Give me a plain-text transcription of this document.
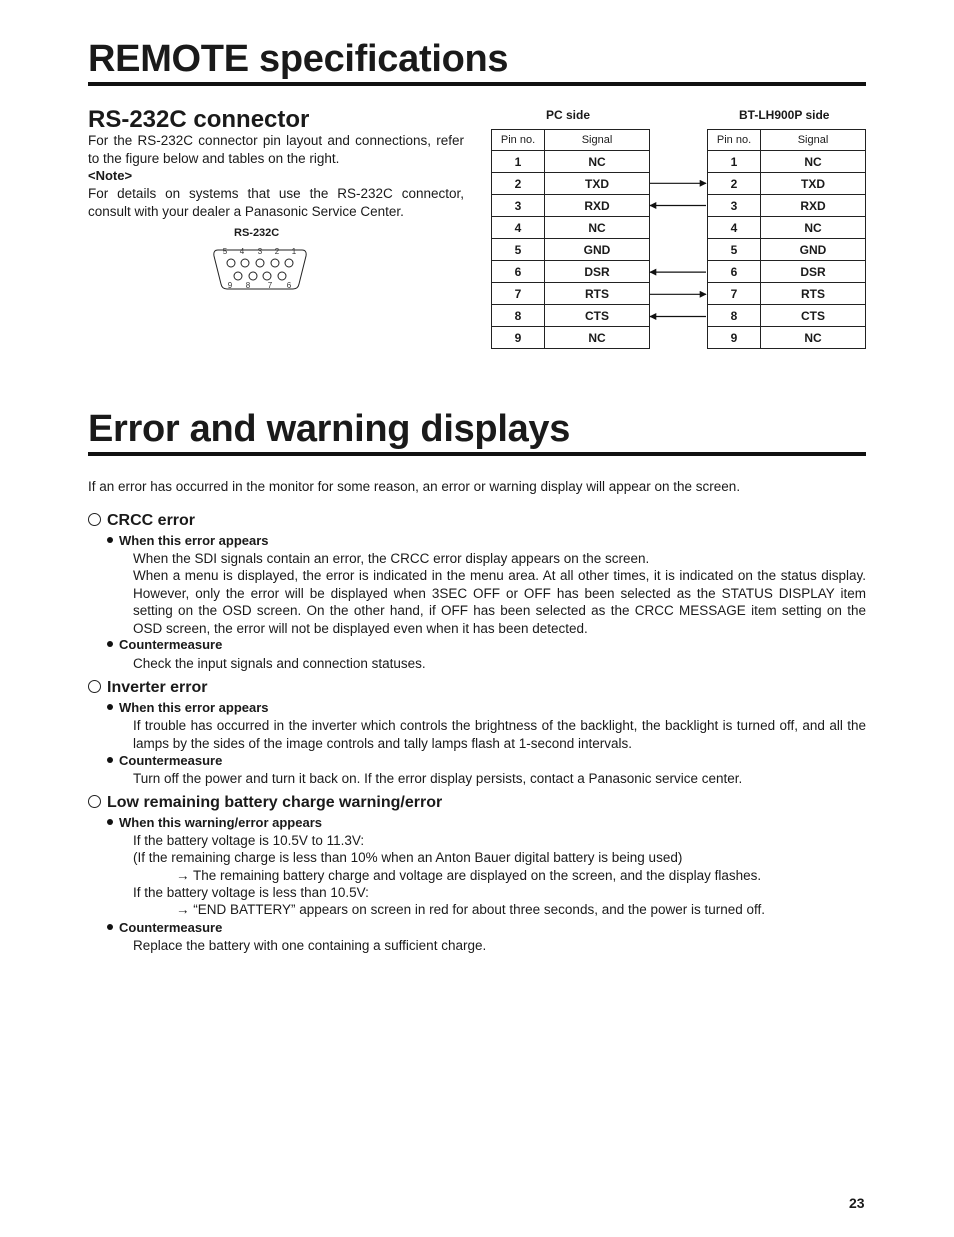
REMOTE specifications
RS-232C connector
For the RS-232C connector pin layout and connections, refer to the figure below and tables on the right.
<Note>
For details on systems that use the RS-232C connector, consult with your dealer a Panasonic Service Center.
RS-232C
5 4 3 2 1
9 8 7 6
PC side	BT-LH900P side
Pin no.	Signal
1	NC
2	TXD
3	RXD
4	NC
5	GND
6	DSR
7	RTS
8	CTS
9	NC
Pin no.	Signal
1	NC
2	TXD
3	RXD
4	NC
5	GND
6	DSR
7	RTS
8	CTS
9	NC
Error and warning displays
If an error has occurred in the monitor for some reason, an error or warning display will appear on the screen.
CRCC error
When this error appears
When the SDI signals contain an error, the CRCC error display appears on the screen.
When a menu is displayed, the error is indicated in the menu area. At all other times, it is indicated on the status display. However, only the error will be displayed when 3SEC OFF or OFF has been selected as the STATUS DISPLAY item setting on the OSD screen. On the other hand, if OFF has been selected as the CRCC MESSAGE item setting on the OSD screen, the error will not be displayed even when it has been detected.
Countermeasure
Check the input signals and connection statuses.
Inverter error
When this error appears
If trouble has occurred in the inverter which controls the brightness of the backlight, the backlight is turned off, and all the lamps by the sides of the image controls and tally lamps flash at 1-second intervals.
Countermeasure
Turn off the power and turn it back on. If the error display persists, contact a Panasonic service center.
Low remaining battery charge warning/error
When this warning/error appears
If the battery voltage is 10.5V to 11.3V:
(If the remaining charge is less than 10% when an Anton Bauer digital battery is being used)
→ The remaining battery charge and voltage are displayed on the screen, and the display flashes.
If the battery voltage is less than 10.5V:
→ “END BATTERY” appears on screen in red for about three seconds, and the power is turned off.
Countermeasure
Replace the battery with one containing a sufficient charge.
23
